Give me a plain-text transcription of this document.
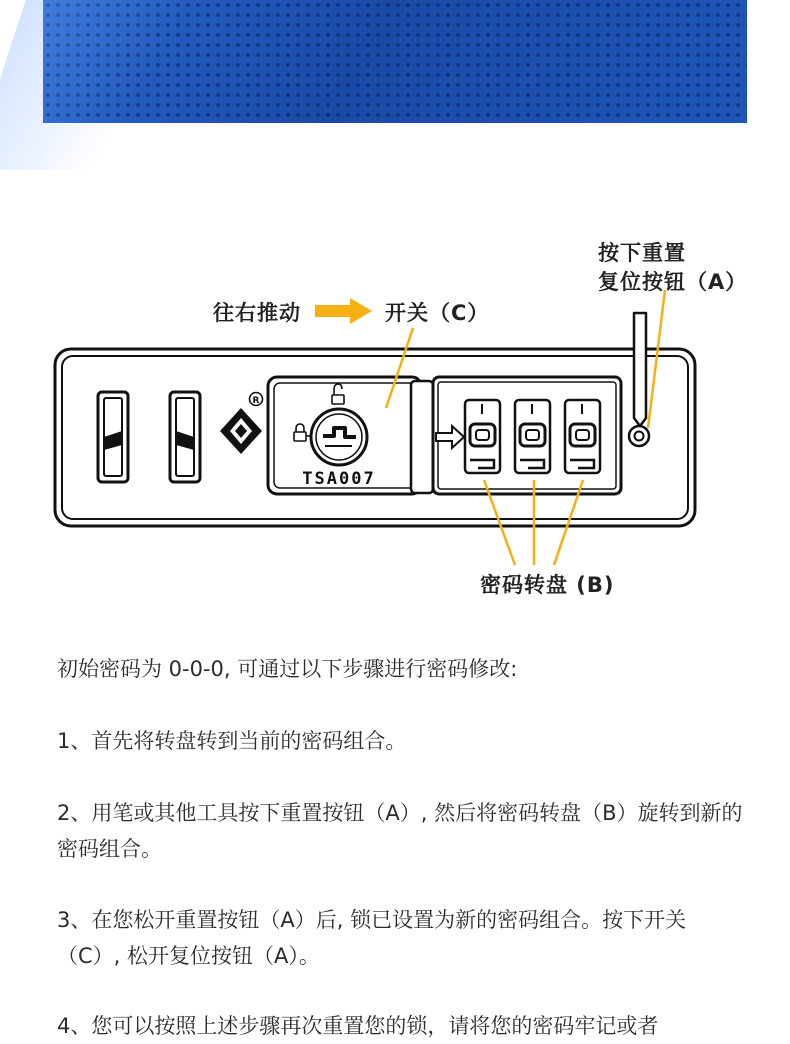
R
TSA007
按下重置
复位按钮（A）
往右推动	开关（C）
密码转盘 (B)

初始密码为 0-0-0, 可通过以下步骤进行密码修改:

1、首先将转盘转到当前的密码组合。

2、用笔或其他工具按下重置按钮（A）, 然后将密码转盘（B）旋转到新的密码组合。

3、在您松开重置按钮（A）后, 锁已设置为新的密码组合。按下开关（C）, 松开复位按钮（A）。

4、您可以按照上述步骤再次重置您的锁，请将您的密码牢记或者
